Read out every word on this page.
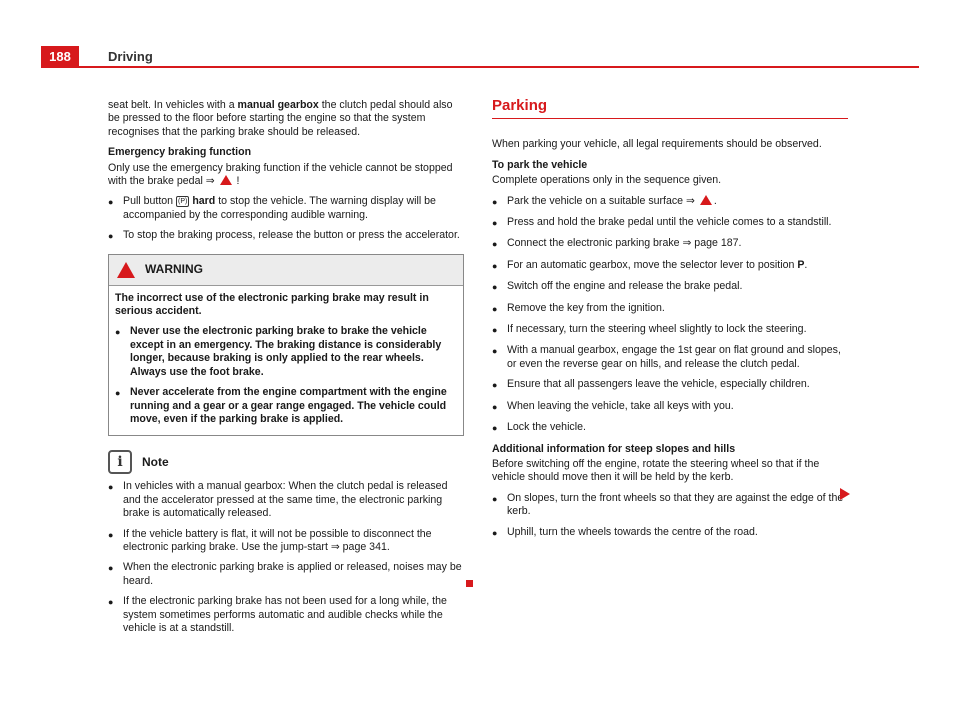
188	Driving

seat belt. In vehicles with a manual gearbox the clutch pedal should also be pressed to the floor before starting the engine so that the system recognises that the parking brake should be released.

Emergency braking function

Only use the emergency braking function if the vehicle cannot be stopped with the brake pedal ⇒ !

● Pull button (P) hard to stop the vehicle. The warning display will be accompanied by the corresponding audible warning.
● To stop the braking process, release the button or press the accelerator.
WARNING

The incorrect use of the electronic parking brake may result in serious accident.

● Never use the electronic parking brake to brake the vehicle except in an emergency. The braking distance is considerably longer, because braking is only applied to the rear wheels. Always use the foot brake.
● Never accelerate from the engine compartment with the engine running and a gear or a gear range engaged. The vehicle could move, even if the parking brake is applied.
i	Note
● In vehicles with a manual gearbox: When the clutch pedal is released and the accelerator pressed at the same time, the electronic parking brake is automatically released.
● If the vehicle battery is flat, it will not be possible to disconnect the electronic parking brake. Use the jump-start ⇒ page 341.
● When the electronic parking brake is applied or released, noises may be heard.
● If the electronic parking brake has not been used for a long while, the system sometimes performs automatic and audible checks while the vehicle is at a standstill.

Parking

When parking your vehicle, all legal requirements should be observed.

To park the vehicle

Complete operations only in the sequence given.

● Park the vehicle on a suitable surface ⇒ .
● Press and hold the brake pedal until the vehicle comes to a standstill.
● Connect the electronic parking brake ⇒ page 187.
● For an automatic gearbox, move the selector lever to position P.
● Switch off the engine and release the brake pedal.
● Remove the key from the ignition.
● If necessary, turn the steering wheel slightly to lock the steering.
● With a manual gearbox, engage the 1st gear on flat ground and slopes, or even the reverse gear on hills, and release the clutch pedal.
● Ensure that all passengers leave the vehicle, especially children.
● When leaving the vehicle, take all keys with you.
● Lock the vehicle.

Additional information for steep slopes and hills

Before switching off the engine, rotate the steering wheel so that if the vehicle should move then it will be held by the kerb.

● On slopes, turn the front wheels so that they are against the edge of the kerb.
● Uphill, turn the wheels towards the centre of the road.
